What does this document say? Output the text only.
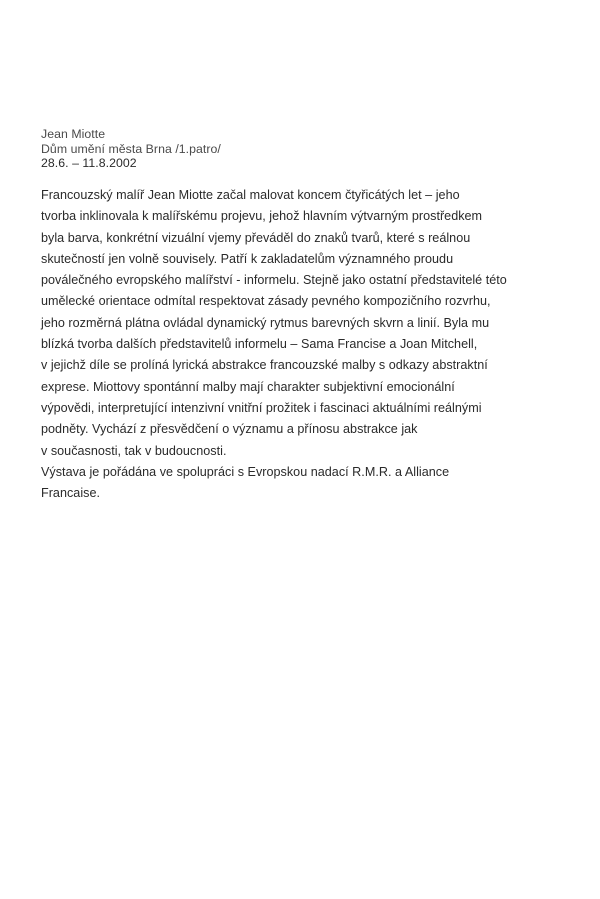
Jean Miotte
Dům umění města Brna /1.patro/
28.6. – 11.8.2002
Francouzský malíř Jean Miotte začal malovat koncem čtyřicátých let – jeho
tvorba inklinovala k malířskému projevu, jehož hlavním výtvarným prostředkem
byla barva, konkrétní vizuální vjemy převáděl do znaků tvarů, které s reálnou
skutečností jen volně souvisely. Patří k zakladatelům významného proudu
poválečného evropského malířství - informelu. Stejně jako ostatní představitelé této
umělecké orientace odmítal respektovat zásady pevného kompozičního rozvrhu,
jeho rozměrná plátna ovládal dynamický rytmus barevných skvrn a linií. Byla mu
blízká tvorba dalších představitelů informelu – Sama Francise a Joan Mitchell,
v jejichž díle se prolíná lyrická abstrakce francouzské malby s odkazy abstraktní
exprese. Miottovy spontánní malby mají charakter subjektivní emocionální
výpovědi, interpretující intenzivní vnitřní prožitek i fascinaci aktuálními reálnými
podněty. Vychází z přesvědčení o významu a přínosu abstrakce jak
v současnosti, tak v budoucnosti.
Výstava je pořádána ve spolupráci s Evropskou nadací R.M.R. a Alliance
Francaise.
